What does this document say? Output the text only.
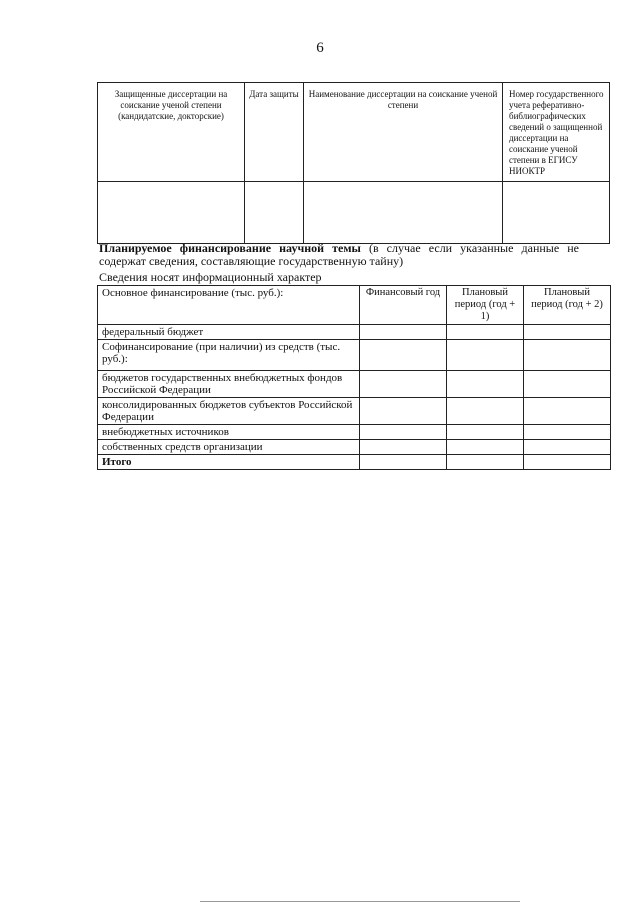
6
Защищенные диссертации на соискание ученой степени (кандидатские, докторские)	Дата защиты	Наименование диссертации на соискание ученой степени	Номер государственного учета реферативно-библиографических сведений о защищенной диссертации на соискание ученой степени в ЕГИСУ НИОКТР

Планируемое финансирование научной темы (в случае если указанные данные не содержат сведения, составляющие государственную тайну)
Сведения носят информационный характер
Основное финансирование (тыс. руб.):	Финансовый год	Плановый период (год + 1)	Плановый период (год + 2)
федеральный бюджет			
Софинансирование (при наличии) из средств (тыс. руб.):			
бюджетов государственных внебюджетных фондов Российской Федерации			
консолидированных бюджетов субъектов Российской Федерации			
внебюджетных источников			
собственных средств организации			
Итого			
